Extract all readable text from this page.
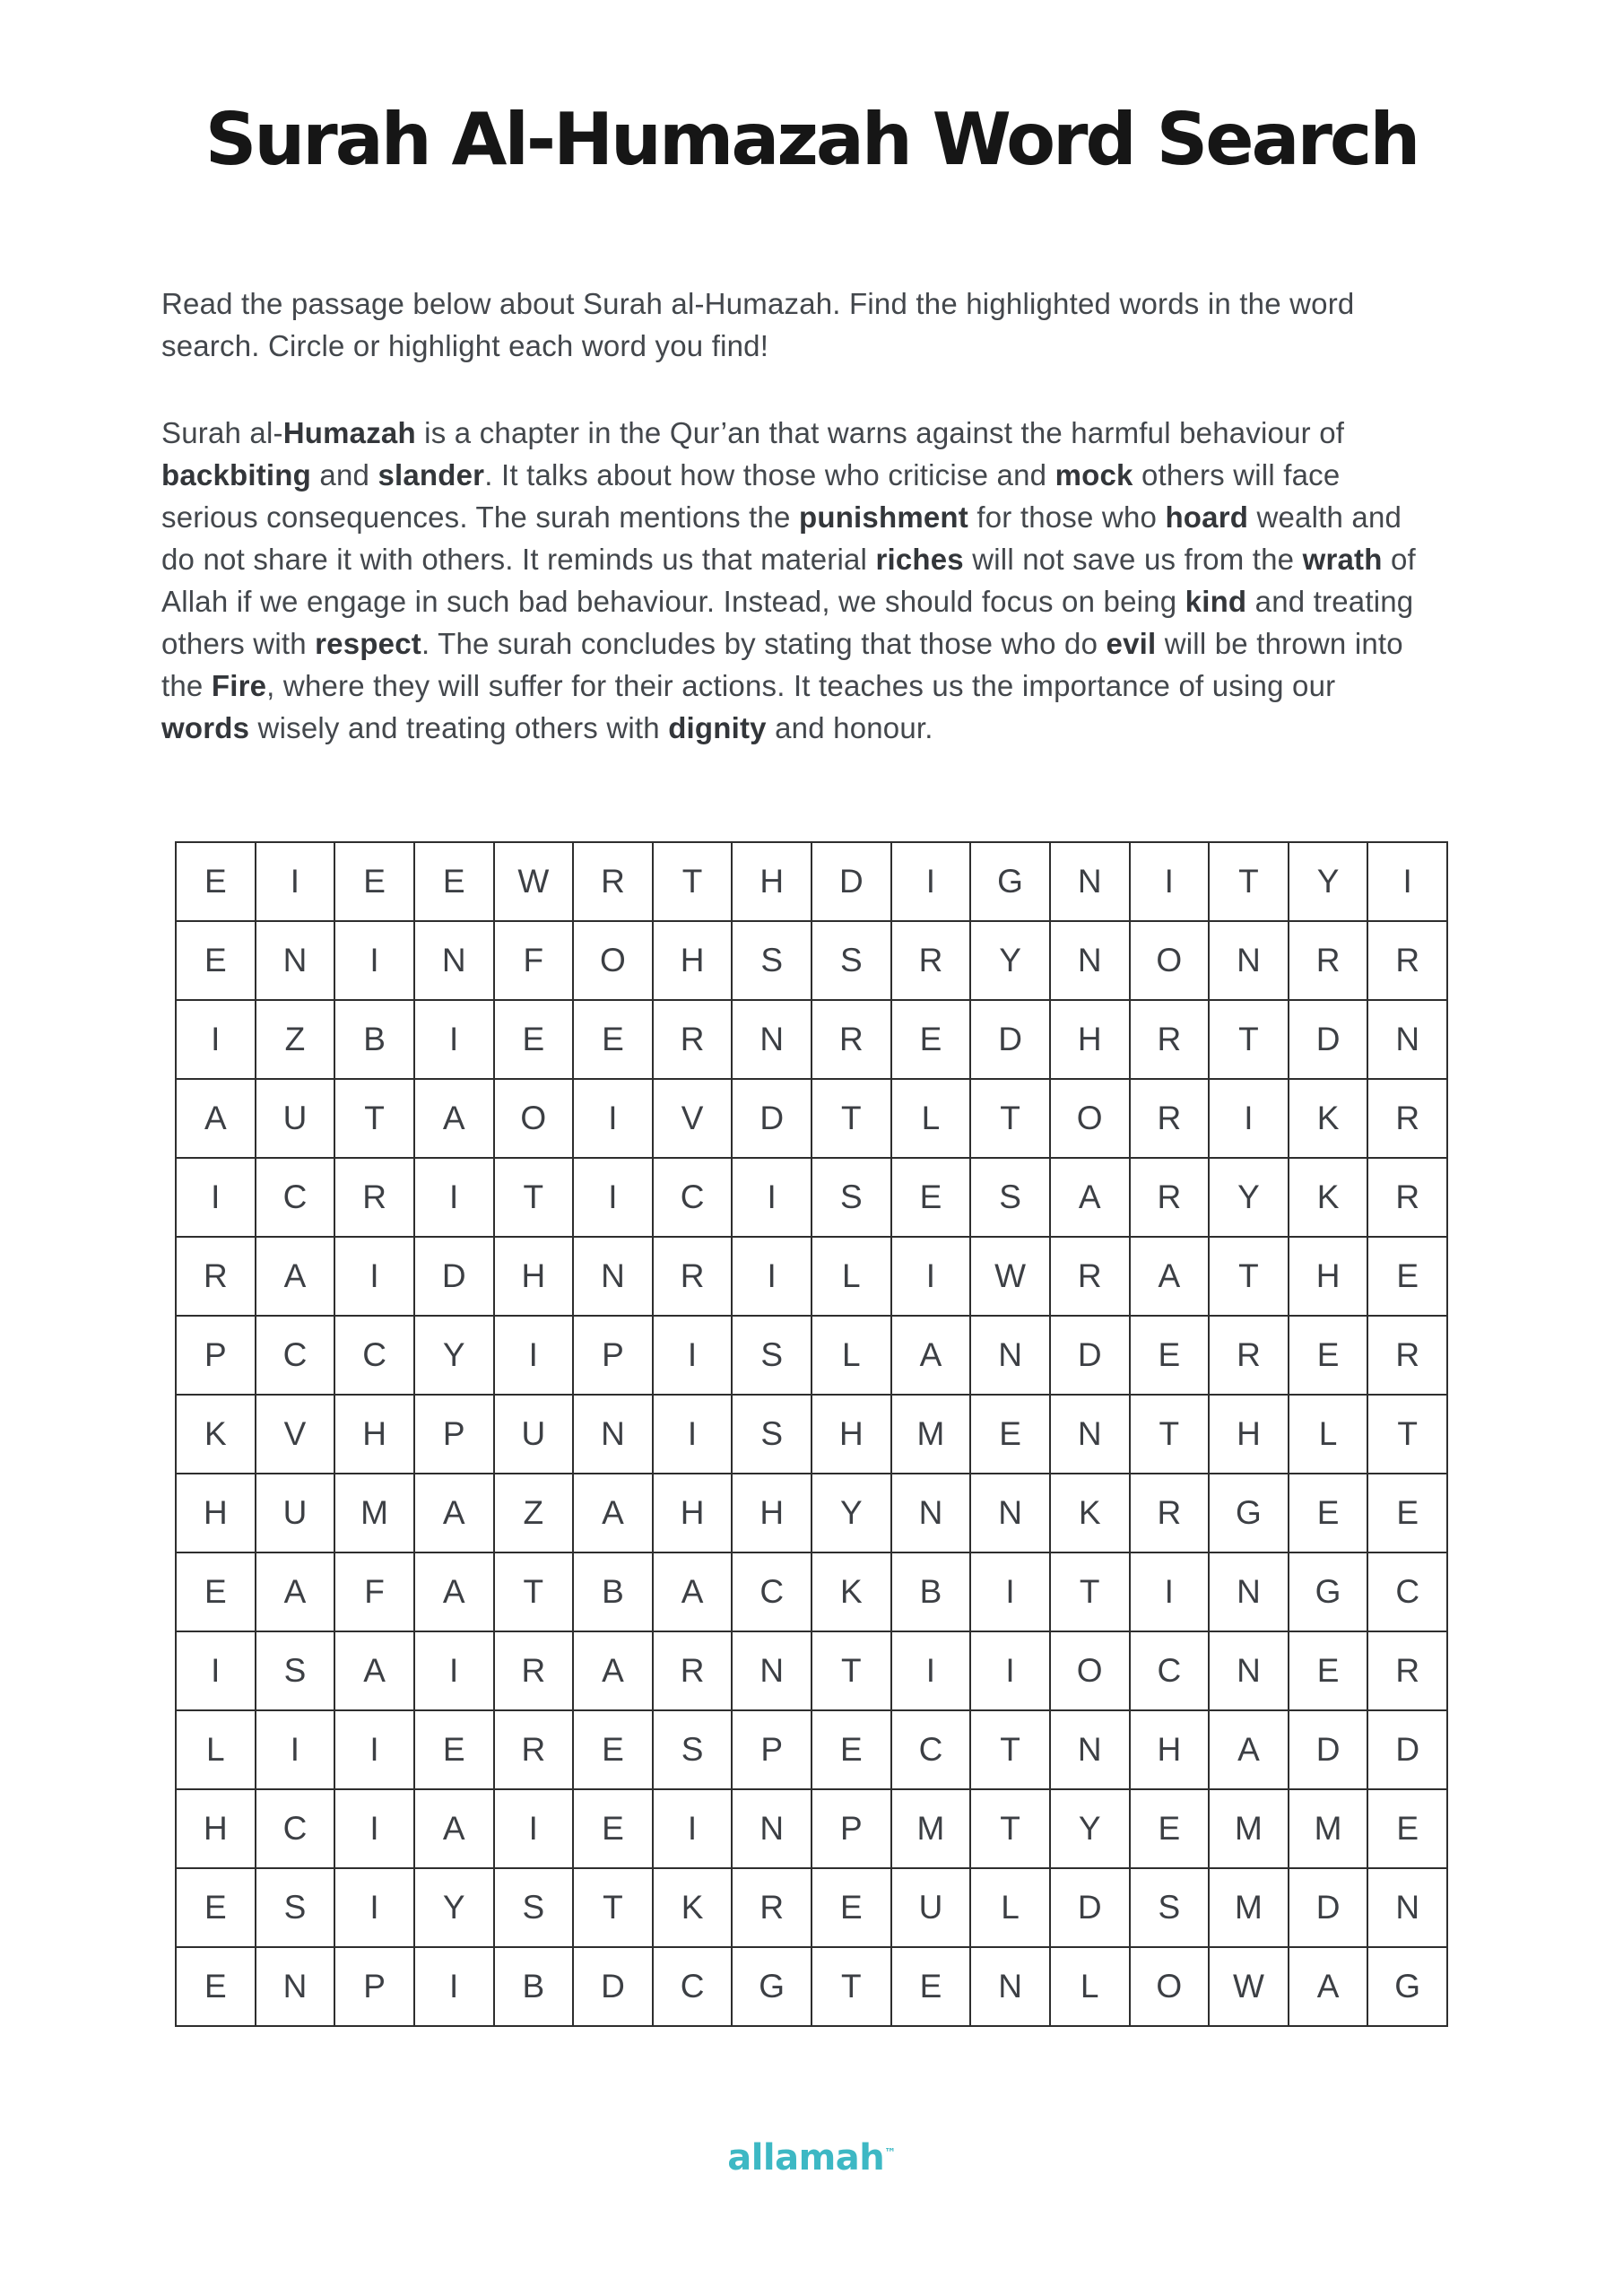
Surah Al-Humazah Word Search

Read the passage below about Surah al-Humazah. Find the highlighted words in the word search. Circle or highlight each word you find!

Surah al-Humazah is a chapter in the Qur’an that warns against the harmful behaviour of backbiting and slander. It talks about how those who criticise and mock others will face serious consequences. The surah mentions the punishment for those who hoard wealth and do not share it with others. It reminds us that material riches will not save us from the wrath of Allah if we engage in such bad behaviour. Instead, we should focus on being kind and treating others with respect. The surah concludes by stating that those who do evil will be thrown into the Fire, where they will suffer for their actions. It teaches us the importance of using our words wisely and treating others with dignity and honour.

E	I	E	E	W	R	T	H	D	I	G	N	I	T	Y	I
E	N	I	N	F	O	H	S	S	R	Y	N	O	N	R	R
I	Z	B	I	E	E	R	N	R	E	D	H	R	T	D	N
A	U	T	A	O	I	V	D	T	L	T	O	R	I	K	R
I	C	R	I	T	I	C	I	S	E	S	A	R	Y	K	R
R	A	I	D	H	N	R	I	L	I	W	R	A	T	H	E
P	C	C	Y	I	P	I	S	L	A	N	D	E	R	E	R
K	V	H	P	U	N	I	S	H	M	E	N	T	H	L	T
H	U	M	A	Z	A	H	H	Y	N	N	K	R	G	E	E
E	A	F	A	T	B	A	C	K	B	I	T	I	N	G	C
I	S	A	I	R	A	R	N	T	I	I	O	C	N	E	R
L	I	I	E	R	E	S	P	E	C	T	N	H	A	D	D
H	C	I	A	I	E	I	N	P	M	T	Y	E	M	M	E
E	S	I	Y	S	T	K	R	E	U	L	D	S	M	D	N
E	N	P	I	B	D	C	G	T	E	N	L	O	W	A	G
allamah™
